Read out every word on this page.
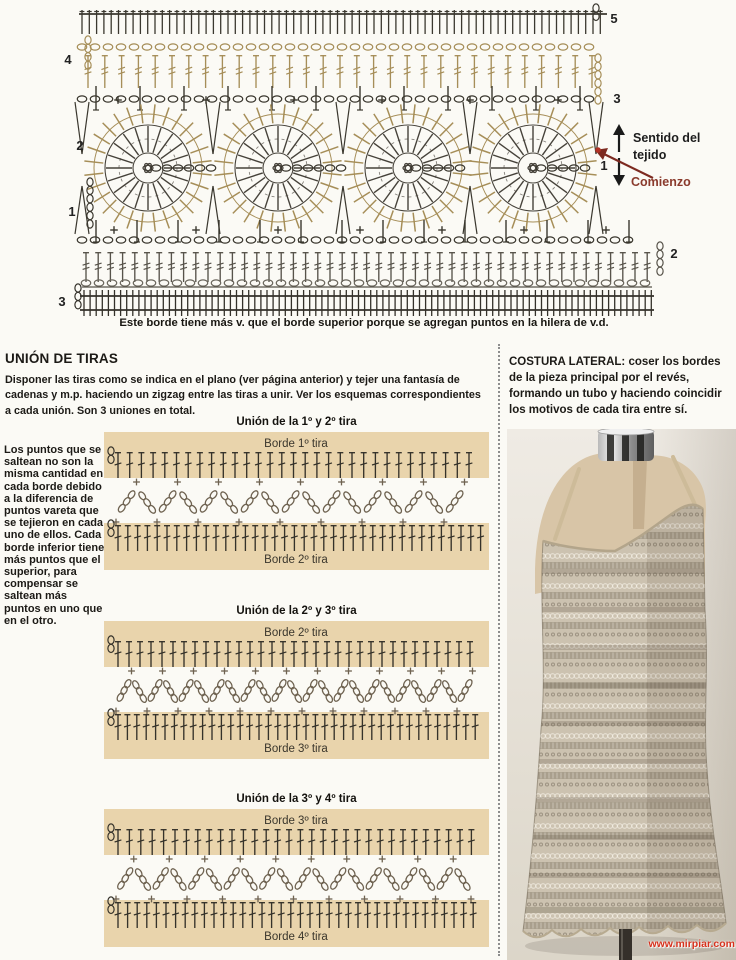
4
2
1
3
5
3
1
2
Sentido del
tejido
Comienzo
Este borde tiene más v. que el borde superior porque se agregan puntos en la hilera de v.d.
UNIÓN DE TIRAS

Disponer las tiras como se indica en el plano (ver página anterior) y tejer una fantasía de cadenas y m.p. haciendo un zigzag entre las tiras a unir. Ver los esquemas correspondientes a cada unión. Son 3 uniones en total.

Los puntos que se saltean no son la misma cantidad en cada borde debido a la diferencia de puntos vareta que se tejieron en cada uno de ellos. Cada borde inferior tiene más puntos que el superior, para compensar se saltean más puntos en uno que en el otro.
Unión de la 1º y 2º tira
Borde 1º tira
Borde 2º tira
Unión de la 2º y 3º tira
Borde 2º tira
Borde 3º tira
Unión de la 3º y 4º tira
Borde 3º tira
Borde 4º tira

COSTURA LATERAL: coser los bordes de la pieza principal por el revés, formando un tubo y haciendo coincidir los motivos de cada tira entre sí.

www.mirpiar.com
